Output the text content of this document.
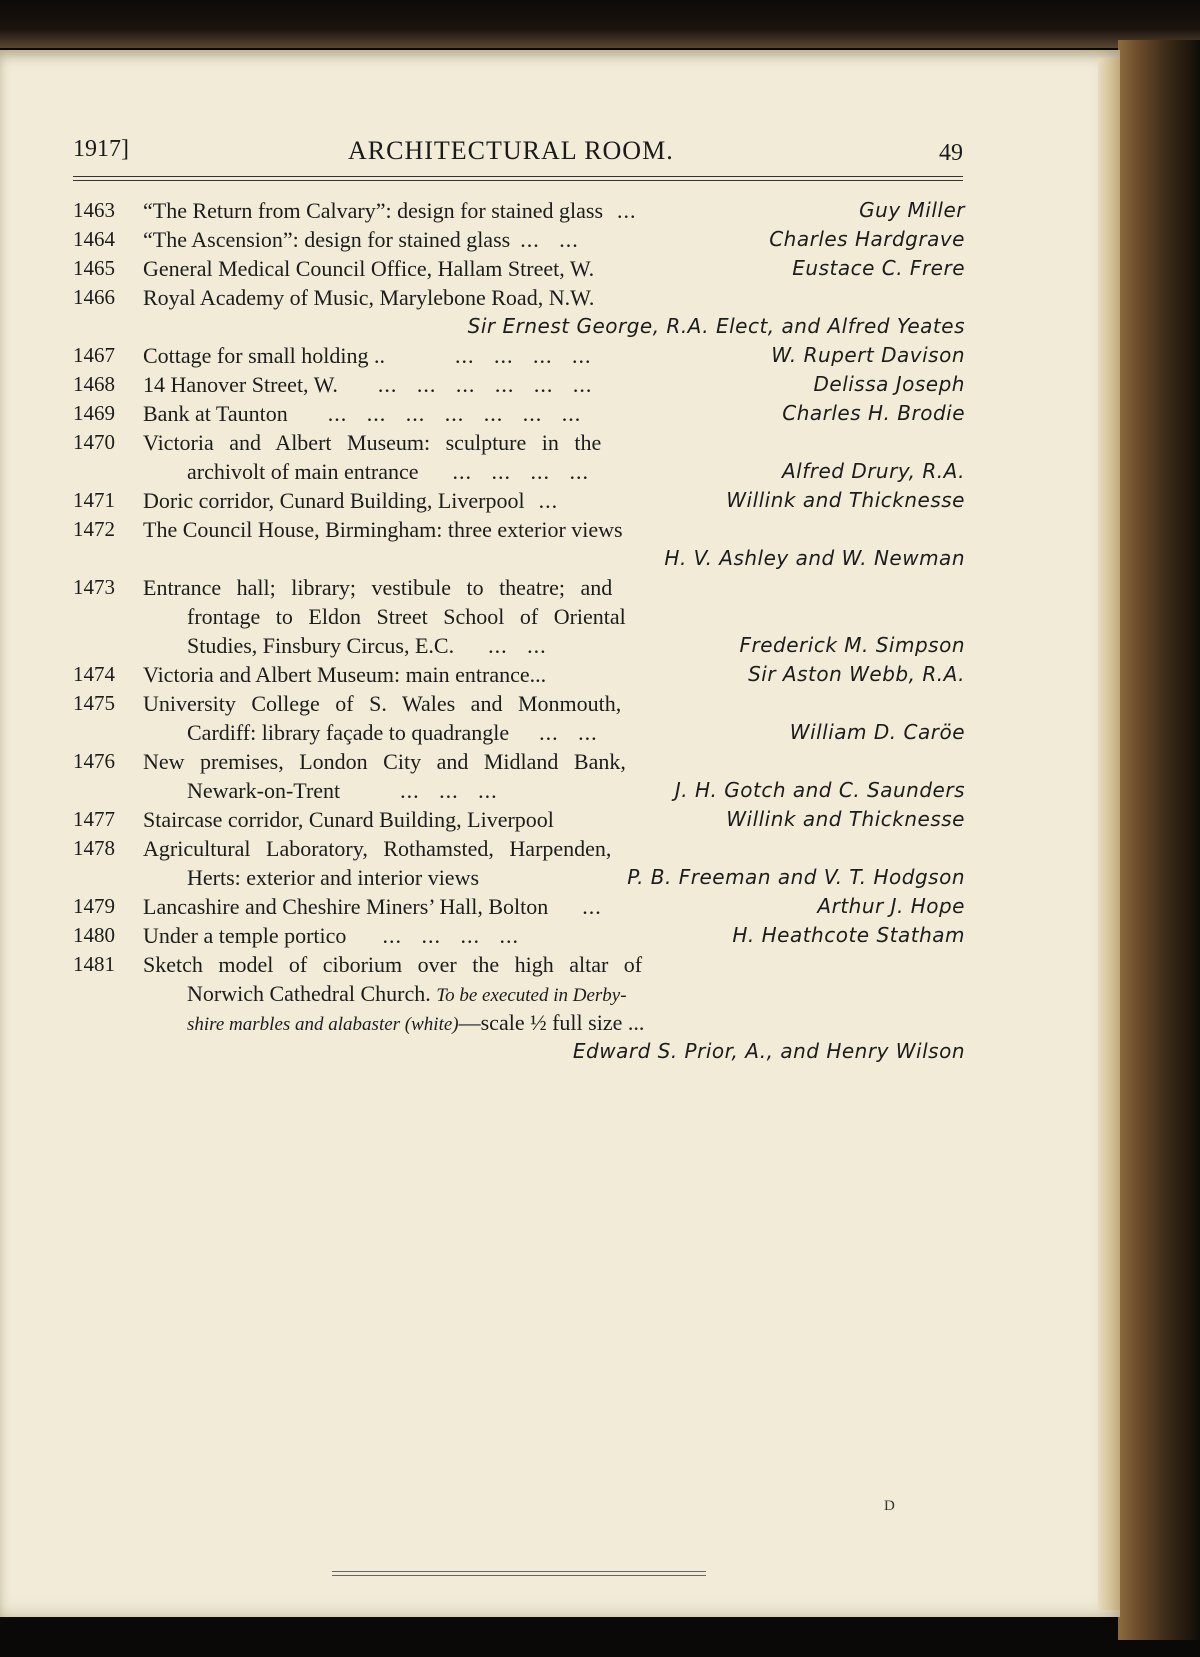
1917]	ARCHITECTURAL ROOM.	49
1463	“The Return from Calvary”: design for stained glass ...	Guy Miller
1464	“The Ascension”: design for stained glass ...   ...	Charles Hardgrave
1465	General Medical Council Office, Hallam Street, W.	Eustace C. Frere
1466	Royal Academy of Music, Marylebone Road, N.W.
Sir Ernest George, R.A. Elect, and Alfred Yeates
1467	Cottage for small holding ..	...   ...   ...   ...	W. Rupert Davison
1468	14 Hanover Street, W. ...   ...   ...   ...   ...   ...	Delissa Joseph
1469	Bank at Taunton ...   ...   ...   ...   ...   ...   ...	Charles H. Brodie
1470	Victoria and Albert Museum: sculpture in the
archivolt of main entrance ...   ...   ...   ...	Alfred Drury, R.A.
1471	Doric corridor, Cunard Building, Liverpool ...	Willink and Thicknesse
1472	The Council House, Birmingham: three exterior views
H. V. Ashley and W. Newman
1473	Entrance hall; library; vestibule to theatre; and
frontage to Eldon Street School of Oriental
Studies, Finsbury Circus, E.C. ...   ...	Frederick M. Simpson
1474	Victoria and Albert Museum: main entrance...	Sir Aston Webb, R.A.
1475	University College of S. Wales and Monmouth,
Cardiff: library façade to quadrangle ...   ...	William D. Caröe
1476	New premises, London City and Midland Bank,
Newark-on-Trent	...   ...   ...	J. H. Gotch and C. Saunders
1477	Staircase corridor, Cunard Building, Liverpool	Willink and Thicknesse
1478	Agricultural Laboratory, Rothamsted, Harpenden,
Herts: exterior and interior views	P. B. Freeman and V. T. Hodgson
1479	Lancashire and Cheshire Miners’ Hall, Bolton ...	Arthur J. Hope
1480	Under a temple portico ...   ...   ...   ...	H. Heathcote Statham
1481	Sketch model of ciborium over the high altar of
Norwich Cathedral Church. To be executed in Derby-
shire marbles and alabaster (white)—scale ½ full size ...
Edward S. Prior, A., and Henry Wilson
D
